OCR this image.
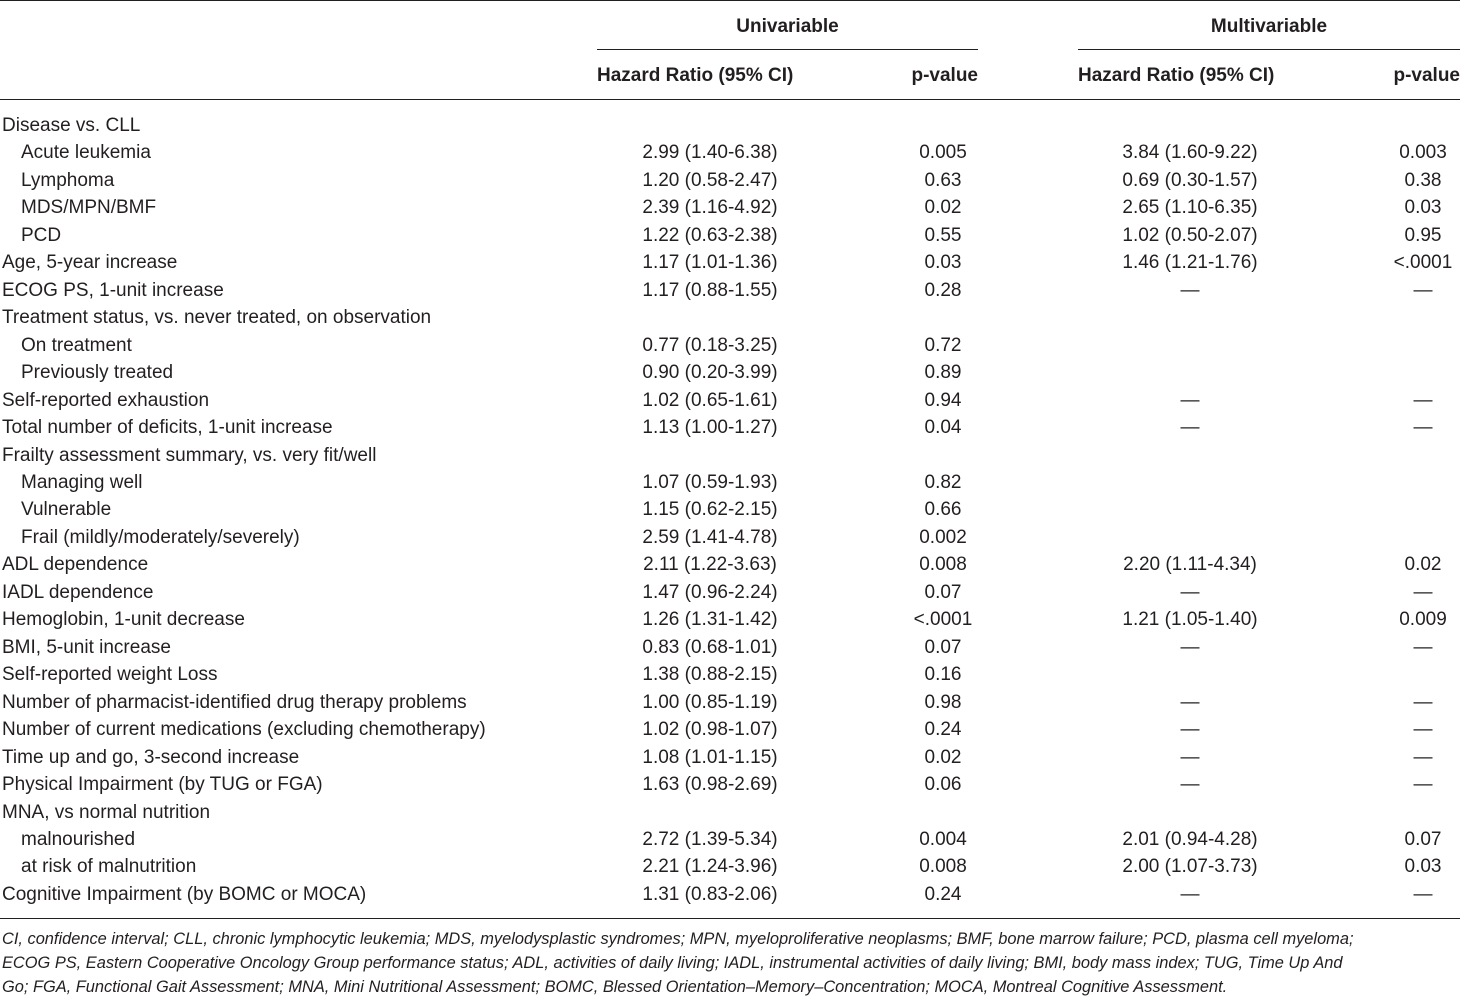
Univariable	Multivariable
Hazard Ratio (95% CI)	p-value	Hazard Ratio (95% CI)	p-value
Disease vs. CLL
Acute leukemia	2.99 (1.40-6.38)	0.005	3.84 (1.60-9.22)	0.003
Lymphoma	1.20 (0.58-2.47)	0.63	0.69 (0.30-1.57)	0.38
MDS/MPN/BMF	2.39 (1.16-4.92)	0.02	2.65 (1.10-6.35)	0.03
PCD	1.22 (0.63-2.38)	0.55	1.02 (0.50-2.07)	0.95
Age, 5-year increase	1.17 (1.01-1.36)	0.03	1.46 (1.21-1.76)	<.0001
ECOG PS, 1-unit increase	1.17 (0.88-1.55)	0.28	—	—
Treatment status, vs. never treated, on observation
On treatment	0.77 (0.18-3.25)	0.72
Previously treated	0.90 (0.20-3.99)	0.89
Self-reported exhaustion	1.02 (0.65-1.61)	0.94	—	—
Total number of deficits, 1-unit increase	1.13 (1.00-1.27)	0.04	—	—
Frailty assessment summary, vs. very fit/well
Managing well	1.07 (0.59-1.93)	0.82
Vulnerable	1.15 (0.62-2.15)	0.66
Frail (mildly/moderately/severely)	2.59 (1.41-4.78)	0.002
ADL dependence	2.11 (1.22-3.63)	0.008	2.20 (1.11-4.34)	0.02
IADL dependence	1.47 (0.96-2.24)	0.07	—	—
Hemoglobin, 1-unit decrease	1.26 (1.31-1.42)	<.0001	1.21 (1.05-1.40)	0.009
BMI, 5-unit increase	0.83 (0.68-1.01)	0.07	—	—
Self-reported weight Loss	1.38 (0.88-2.15)	0.16
Number of pharmacist-identified drug therapy problems	1.00 (0.85-1.19)	0.98	—	—
Number of current medications (excluding chemotherapy)	1.02 (0.98-1.07)	0.24	—	—
Time up and go, 3-second increase	1.08 (1.01-1.15)	0.02	—	—
Physical Impairment (by TUG or FGA)	1.63 (0.98-2.69)	0.06	—	—
MNA, vs normal nutrition
malnourished	2.72 (1.39-5.34)	0.004	2.01 (0.94-4.28)	0.07
at risk of malnutrition	2.21 (1.24-3.96)	0.008	2.00 (1.07-3.73)	0.03
Cognitive Impairment (by BOMC or MOCA)	1.31 (0.83-2.06)	0.24	—	—
CI, confidence interval; CLL, chronic lymphocytic leukemia; MDS, myelodysplastic syndromes; MPN, myeloproliferative neoplasms; BMF, bone marrow failure; PCD, plasma cell myeloma;
ECOG PS, Eastern Cooperative Oncology Group performance status; ADL, activities of daily living; IADL, instrumental activities of daily living; BMI, body mass index; TUG, Time Up And
Go; FGA, Functional Gait Assessment; MNA, Mini Nutritional Assessment; BOMC, Blessed Orientation–Memory–Concentration; MOCA, Montreal Cognitive Assessment.
